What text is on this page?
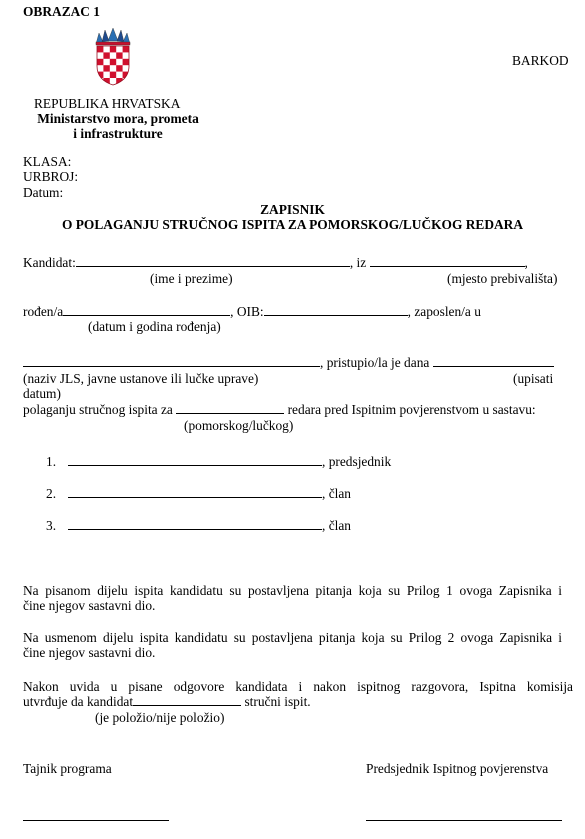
OBRAZAC 1
BARKOD
REPUBLIKA HRVATSKA
Ministarstvo mora, prometa
i infrastrukture
KLASA:
URBROJ:
Datum:
ZAPISNIK
O POLAGANJU STRUČNOG ISPITA ZA POMORSKOG/LUČKOG REDARA
Kandidat:	, iz	,
(ime i prezime)	(mjesto prebivališta)
rođen/a	, OIB:	, zaposlen/a u
(datum i godina rođenja)
, pristupio/la je dana
(naziv JLS, javne ustanove ili lučke uprave)	(upisati
datum)
polaganju stručnog ispita za	redara pred Ispitnim povjerenstvom u sastavu:
(pomorskog/lučkog)
1.	, predsjednik
2.	, član
3.	, član
Na pisanom dijelu ispita kandidatu su postavljena pitanja koja su Prilog 1 ovoga Zapisnika i
čine njegov sastavni dio.
Na usmenom dijelu ispita kandidatu su postavljena pitanja koja su Prilog 2 ovoga Zapisnika i
čine njegov sastavni dio.
Nakon uvida u pisane odgovore kandidata i nakon ispitnog razgovora, Ispitna komisija
utvrđuje da kandidat	stručni ispit.
(je položio/nije položio)
Tajnik programa	Predsjednik Ispitnog povjerenstva
